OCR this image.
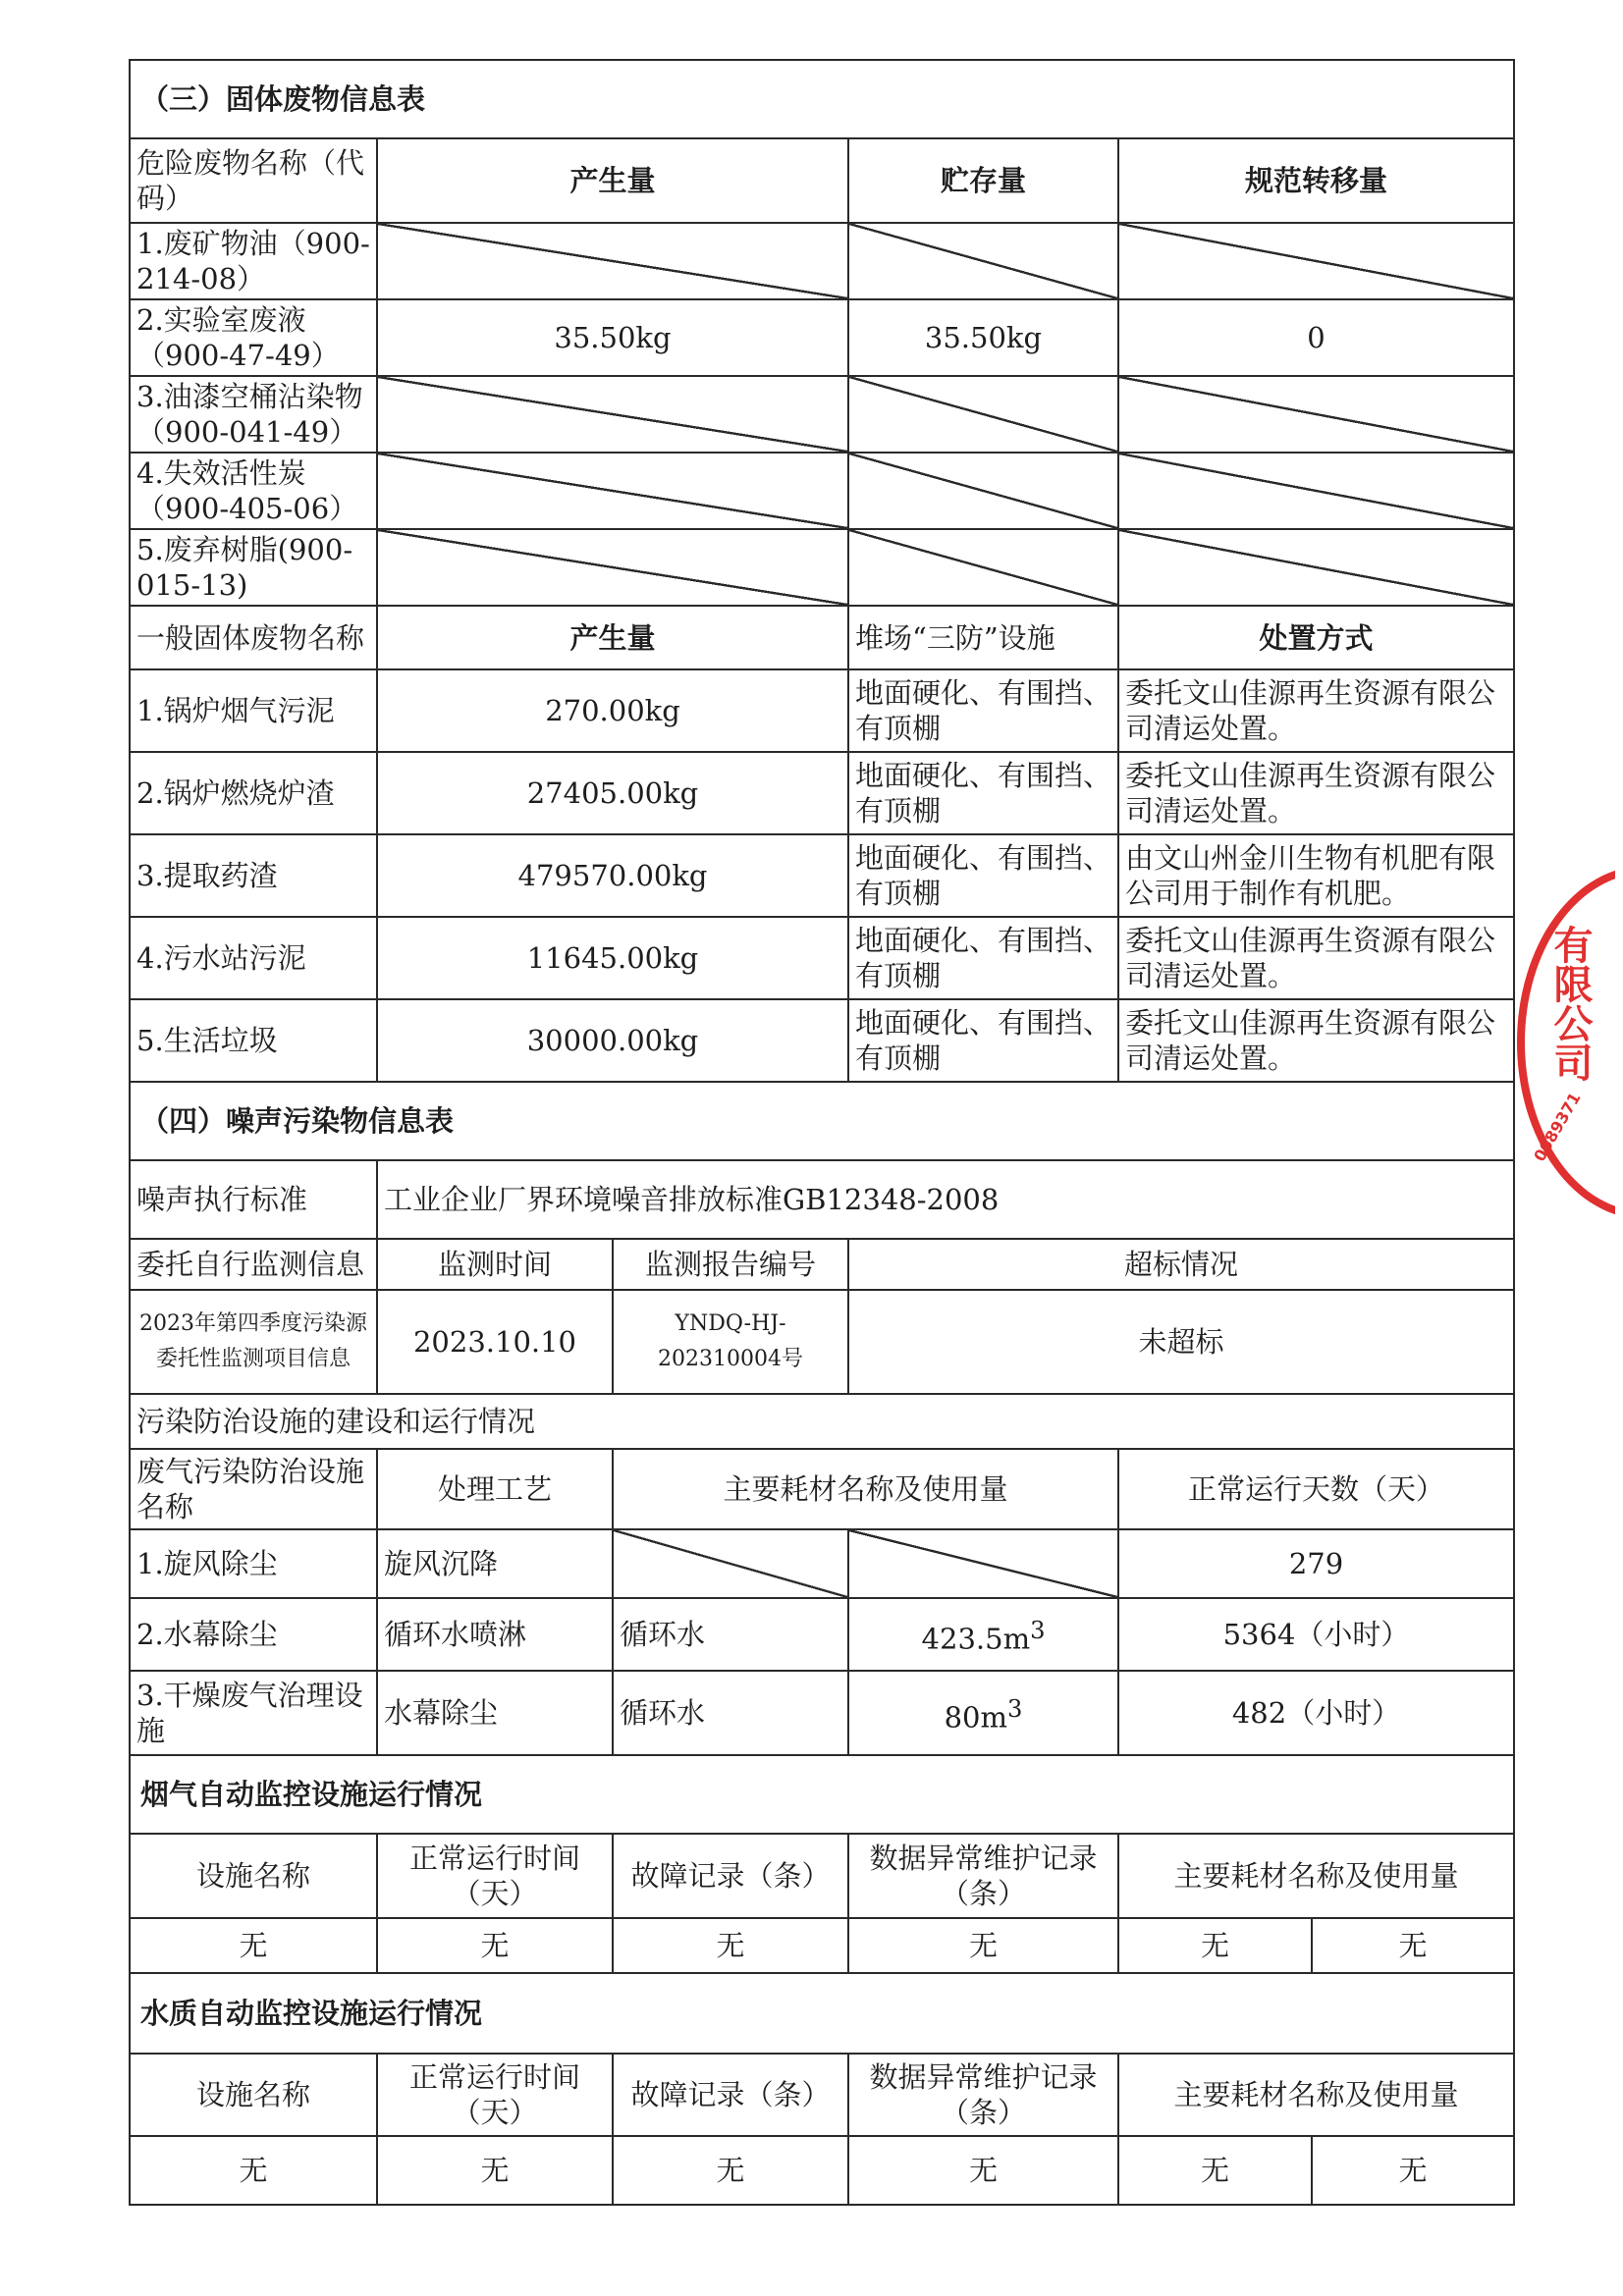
（三）固体废物信息表					
危险废物名称（代码）	产生量		贮存量	规范转移量	
1.废矿物油（900-214-08）					
2.实验室废液（900-47-49）	35.50kg		35.50kg	0	
3.油漆空桶沾染物（900-041-49）					
4.失效活性炭（900-405-06）					
5.废弃树脂(900-015-13)					
一般固体废物名称	产生量		堆场“三防”设施	处置方式	
1.锅炉烟气污泥	270.00kg		地面硬化、有围挡、有顶棚	委托文山佳源再生资源有限公司清运处置。	
2.锅炉燃烧炉渣	27405.00kg		地面硬化、有围挡、有顶棚	委托文山佳源再生资源有限公司清运处置。	
3.提取药渣	479570.00kg		地面硬化、有围挡、有顶棚	由文山州金川生物有机肥有限公司用于制作有机肥。	
4.污水站污泥	11645.00kg		地面硬化、有围挡、有顶棚	委托文山佳源再生资源有限公司清运处置。	
5.生活垃圾	30000.00kg		地面硬化、有围挡、有顶棚	委托文山佳源再生资源有限公司清运处置。	
（四）噪声污染物信息表					
噪声执行标准	工业企业厂界环境噪音排放标准GB12348-2008				
委托自行监测信息	监测时间	监测报告编号	超标情况		
2023年第四季度污染源委托性监测项目信息	2023.10.10	YNDQ-HJ-202310004号	未超标		
污染防治设施的建设和运行情况					
废气污染防治设施名称	处理工艺	主要耗材名称及使用量		正常运行天数（天）	
1.旋风除尘	旋风沉降			279	
2.水幕除尘	循环水喷淋	循环水	$423.5m^3$	5364（小时）	
3.干燥废气治理设施	水幕除尘	循环水	$80m^3$	482（小时）	
烟气自动监控设施运行情况					
设施名称	正常运行时间（天）	故障记录（条）	数据异常维护记录（条）	主要耗材名称及使用量	
无	无	无	无	无	无
水质自动监控设施运行情况					
设施名称	正常运行时间（天）	故障记录（条）	数据异常维护记录（条）	主要耗材名称及使用量	
无	无	无	无	无	无
有限公司
0089371
